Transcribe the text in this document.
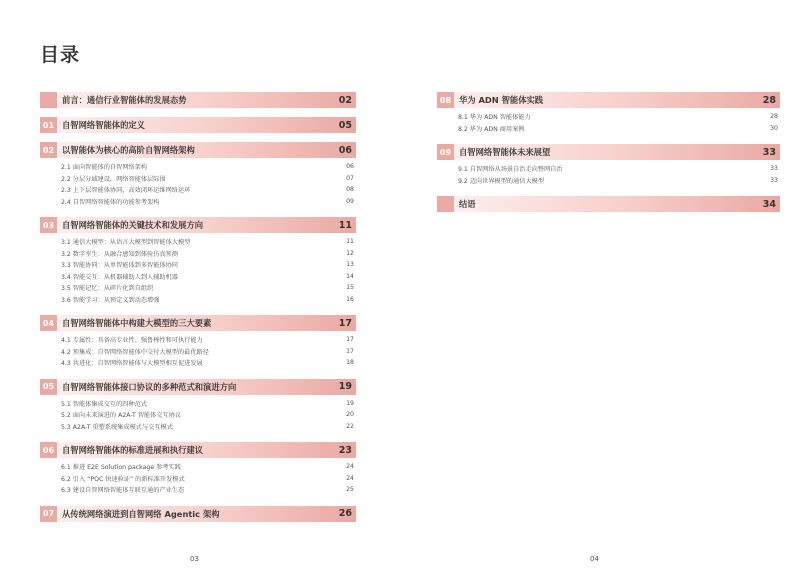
目录
前言：通信行业智能体的发展态势	02
01 自智网络智能体的定义	05
02 以智能体为核心的高阶自智网络架构	06
2.1 面向智能体的自智网络架构	06
2.2 分层分域建设，网络智能体层际围	07
2.3 上下层智能体协同，高效闭环运维网络运环	08
2.4 自智网络智能体的功能参考架构	09
03 自智网络智能体的关键技术和发展方向	11
3.1 通信大模型：从语言大模型到智能体大模型	11
3.2 数字孪生：从融合感知到体验仿真预测	12
3.3 智能协同：从单智能体到多智能体协同	13
3.4 智能交互：从机器辅助人到人辅助机器	14
3.5 智能记忆：从碎片化到自组织	15
3.6 智能学习：从预定义到动态增强	16
04 自智网络智能体中构建大模型的三大要素	17
4.1 专属性：具备高专业性、强鲁棒性和可执行能力	17
4.2 预集成：自智网络智能体中交付大模型的最优路径	17
4.3 共进化：自智网络智能体与大模型相互促进发展	18
05 自智网络智能体接口协议的多种范式和演进方向	19
5.1 智能体集成交互的四种范式	19
5.2 面向未来演进的 A2A-T 智能体交互协议	20
5.3 A2A-T 重塑系统集成模式与交互模式	22
06 自智网络智能体的标准进展和执行建议	23
6.1 推进 E2E Solution package 参考实践	24
6.2 引入 “POC 快速验证” 的新标准开发模式	24
6.3 建设自智网络智能体互联互通的产业生态	25
07 从传统网络演进到自智网络 Agentic 架构	26
08 华为 ADN 智能体实践	28
8.1 华为 ADN 智能体能力	28
8.2 华为 ADN 商用案例	30
09 自智网络智能体未来展望	33
9.1 自智网络从场景自治走向整网自治	33
9.2 迈向世界模型的通信大模型	33
结语	34
03	04
